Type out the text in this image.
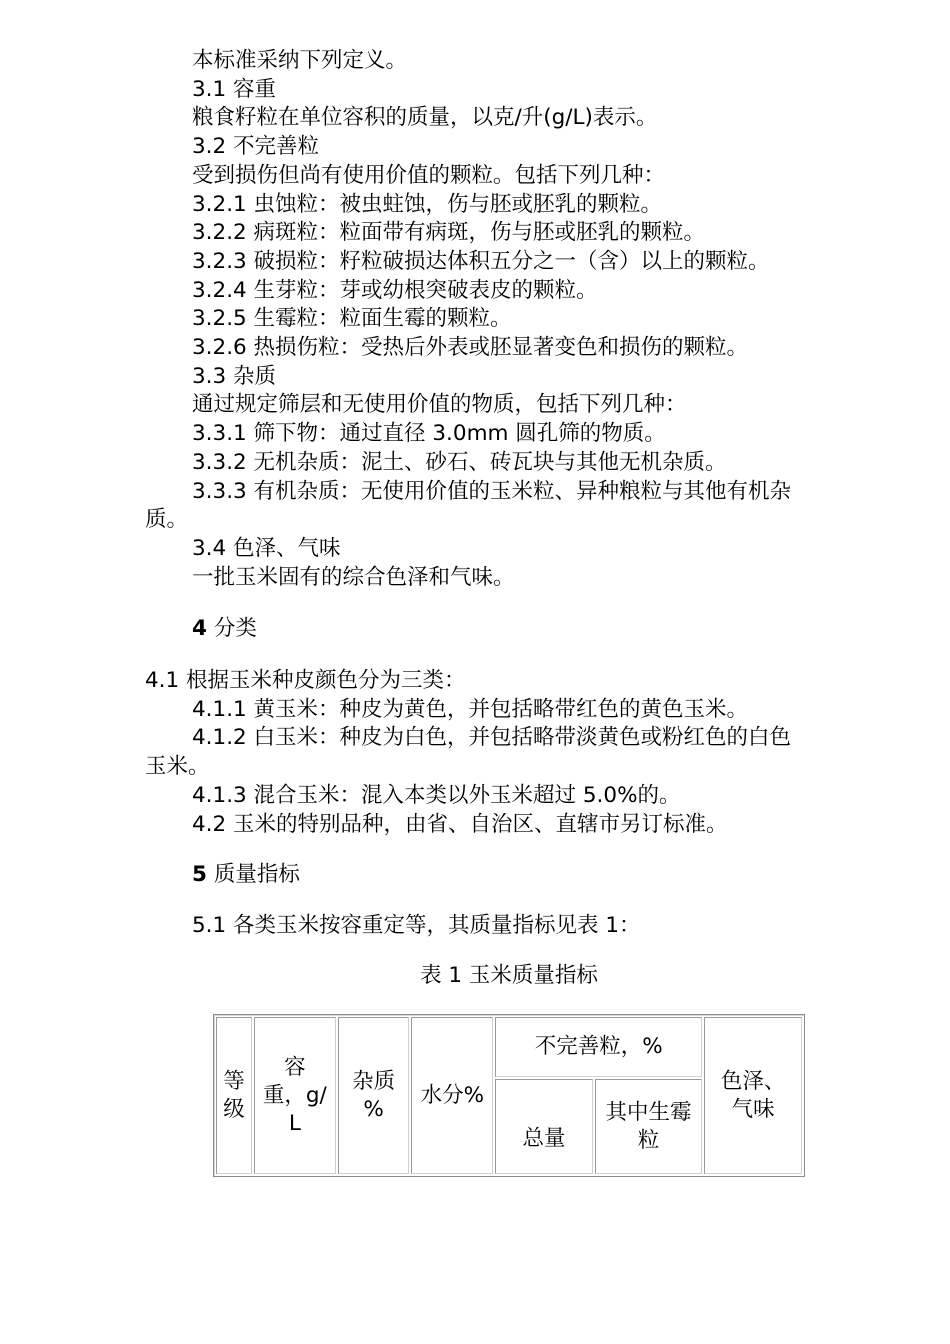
本标准采纳下列定义。
3.1 容重
粮食籽粒在单位容积的质量，以克/升(g/L)表示。
3.2 不完善粒
受到损伤但尚有使用价值的颗粒。包括下列几种：
3.2.1 虫蚀粒：被虫蛀蚀，伤与胚或胚乳的颗粒。
3.2.2 病斑粒：粒面带有病斑，伤与胚或胚乳的颗粒。
3.2.3 破损粒：籽粒破损达体积五分之一（含）以上的颗粒。
3.2.4 生芽粒：芽或幼根突破表皮的颗粒。
3.2.5 生霉粒：粒面生霉的颗粒。
3.2.6 热损伤粒：受热后外表或胚显著变色和损伤的颗粒。
3.3 杂质
通过规定筛层和无使用价值的物质，包括下列几种：
3.3.1 筛下物：通过直径 3.0mm 圆孔筛的物质。
3.3.2 无机杂质：泥土、砂石、砖瓦块与其他无机杂质。
3.3.3 有机杂质：无使用价值的玉米粒、异种粮粒与其他有机杂
质。
3.4 色泽、气味
一批玉米固有的综合色泽和气味。
4 分类
4.1 根据玉米种皮颜色分为三类：
4.1.1 黄玉米：种皮为黄色，并包括略带红色的黄色玉米。
4.1.2 白玉米：种皮为白色，并包括略带淡黄色或粉红色的白色
玉米。
4.1.3 混合玉米：混入本类以外玉米超过 5.0%的。
4.2 玉米的特别品种，由省、自治区、直辖市另订标准。
5 质量指标
5.1 各类玉米按容重定等，其质量指标见表 1：
表 1 玉米质量指标
等
级	容
重，g/
L	杂质
%	水分%	不完善粒，%		色泽、
气味
				总量	其中生霉
粒	
